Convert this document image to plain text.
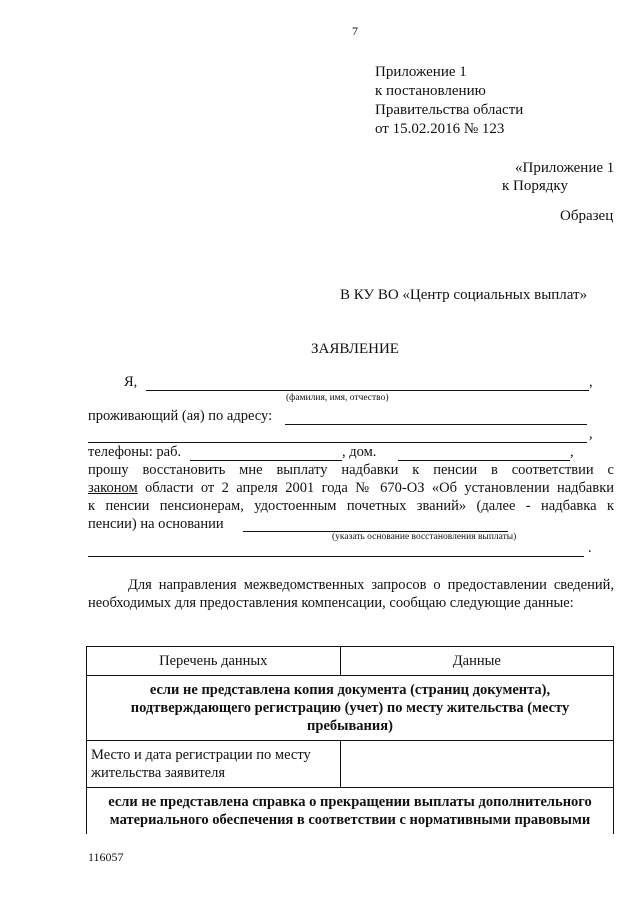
7
Приложение 1
к постановлению
Правительства области
от 15.02.2016 № 123
«Приложение 1
к Порядку
Образец
В КУ ВО «Центр социальных выплат»
ЗАЯВЛЕНИЕ
Я,	,
(фамилия, имя, отчество)
проживающий (ая) по адресу:
,
телефоны: раб.	, дом.	,
прошу восстановить мне выплату надбавки к пенсии в соответствии с
законом области от 2 апреля 2001 года № 670-ОЗ «Об установлении надбавки
к пенсии пенсионерам, удостоенным почетных званий» (далее - надбавка к
пенсии) на основании
(указать основание восстановления выплаты)
.
Для направления межведомственных запросов о предоставлении сведений, необходимых для предоставления компенсации, сообщаю следующие данные:
Перечень данных	Данные
если не представлена копия документа (страниц документа), подтверждающего регистрацию (учет) по месту жительства (месту пребывания)	
Место и дата регистрации по месту жительства заявителя	
если не представлена справка о прекращении выплаты дополнительного материального обеспечения в соответствии с нормативными правовыми	
116057
